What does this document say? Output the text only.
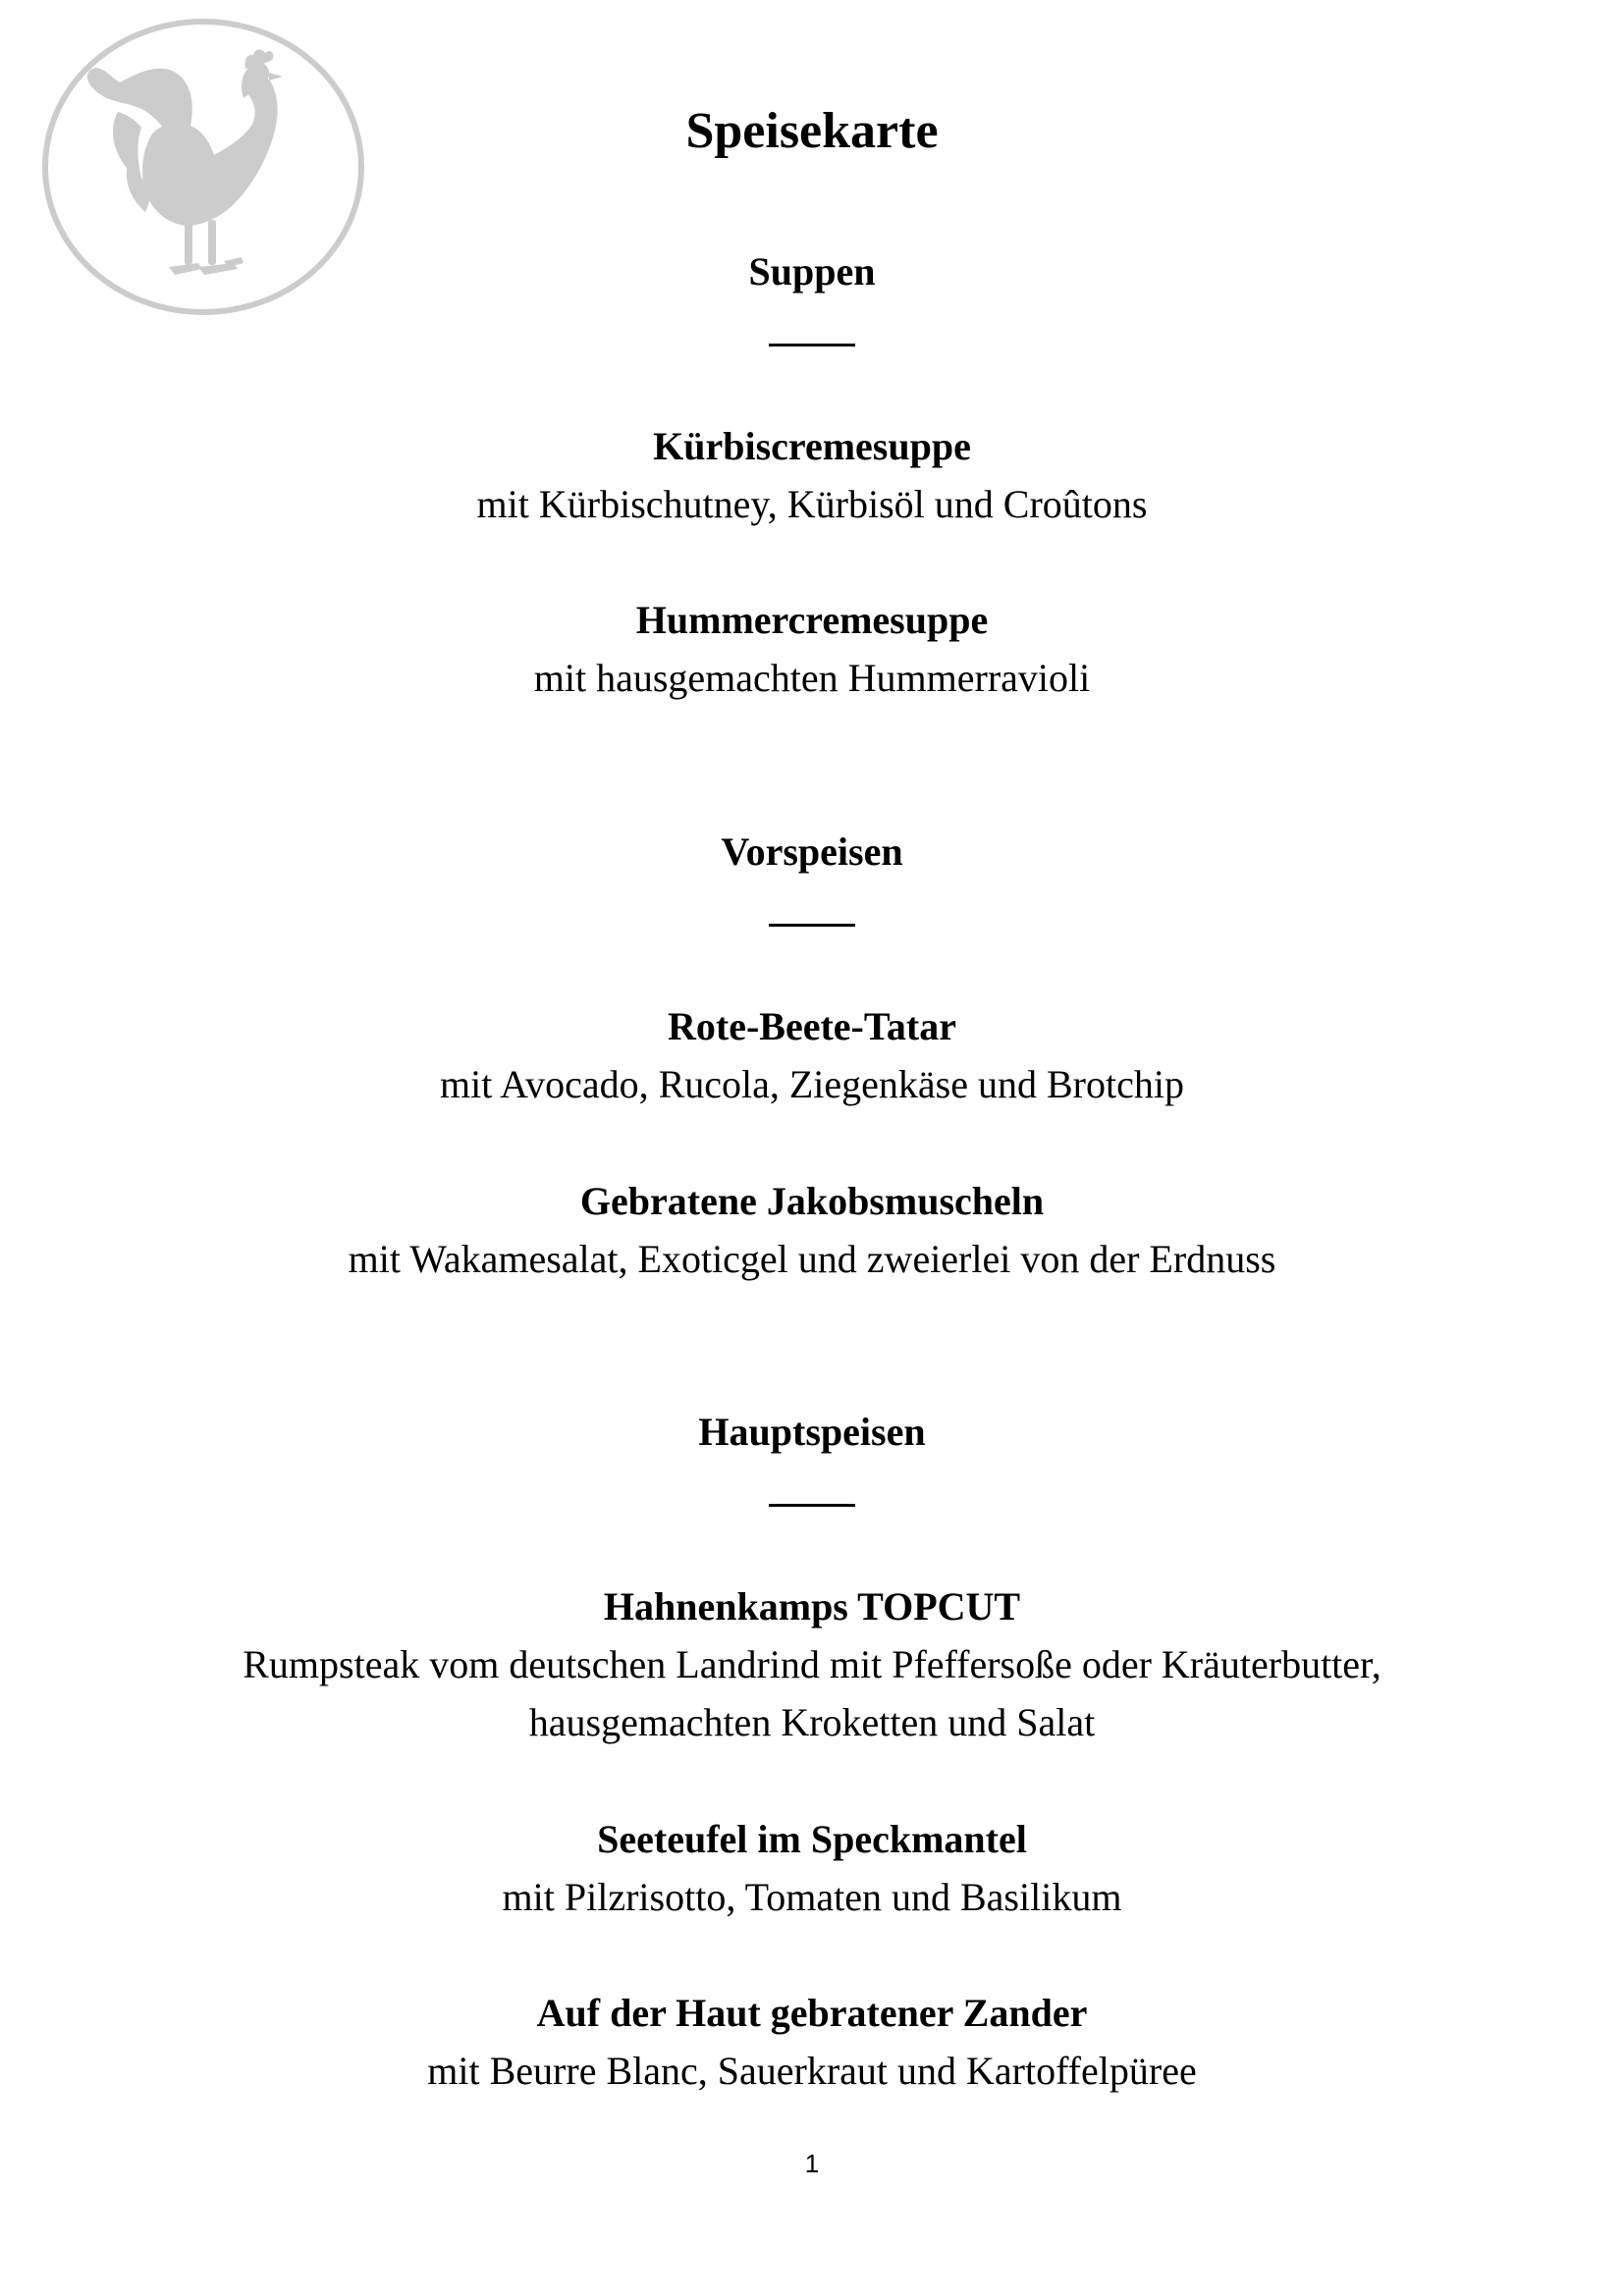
Speisekarte
Suppen
Kürbiscremesuppe
mit Kürbischutney, Kürbisöl und Croûtons
Hummercremesuppe
mit hausgemachten Hummerravioli
Vorspeisen
Rote-Beete-Tatar
mit Avocado, Rucola, Ziegenkäse und Brotchip
Gebratene Jakobsmuscheln
mit Wakamesalat, Exoticgel und zweierlei von der Erdnuss
Hauptspeisen
Hahnenkamps TOPCUT
Rumpsteak vom deutschen Landrind mit Pfeffersoße oder Kräuterbutter,
hausgemachten Kroketten und Salat
Seeteufel im Speckmantel
mit Pilzrisotto, Tomaten und Basilikum
Auf der Haut gebratener Zander
mit Beurre Blanc, Sauerkraut und Kartoffelpüree
1
